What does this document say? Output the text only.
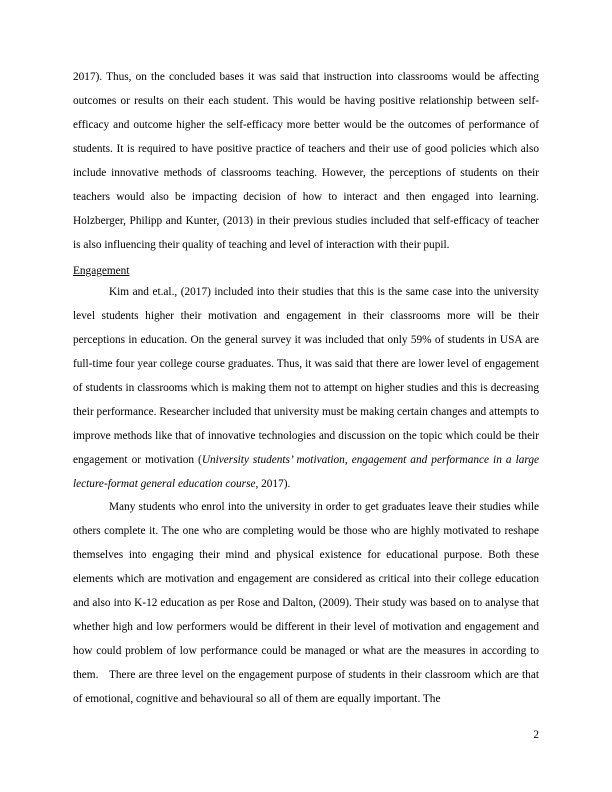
2017). Thus, on the concluded bases it was said that instruction into classrooms would be affecting outcomes or results on their each student. This would be having positive relationship between self-efficacy and outcome higher the self-efficacy more better would be the outcomes of performance of students. It is required to have positive practice of teachers and their use of good policies which also include innovative methods of classrooms teaching. However, the perceptions of students on their teachers would also be impacting decision of how to interact and then engaged into learning. Holzberger, Philipp and Kunter, (2013) in their previous studies included that self-efficacy of teacher is also influencing their quality of teaching and level of interaction with their pupil.

Engagement

Kim and et.al., (2017) included into their studies that this is the same case into the university level students higher their motivation and engagement in their classrooms more will be their perceptions in education. On the general survey it was included that only 59% of students in USA are full-time four year college course graduates. Thus, it was said that there are lower level of engagement of students in classrooms which is making them not to attempt on higher studies and this is decreasing their performance. Researcher included that university must be making certain changes and attempts to improve methods like that of innovative technologies and discussion on the topic which could be their engagement or motivation (University students’ motivation, engagement and performance in a large lecture-format general education course, 2017).

Many students who enrol into the university in order to get graduates leave their studies while others complete it. The one who are completing would be those who are highly motivated to reshape themselves into engaging their mind and physical existence for educational purpose. Both these elements which are motivation and engagement are considered as critical into their college education and also into K-12 education as per Rose and Dalton, (2009). Their study was based on to analyse that whether high and low performers would be different in their level of motivation and engagement and how could problem of low performance could be managed or what are the measures in according to them. There are three level on the engagement purpose of students in their classroom which are that of emotional, cognitive and behavioural so all of them are equally important. The

2
